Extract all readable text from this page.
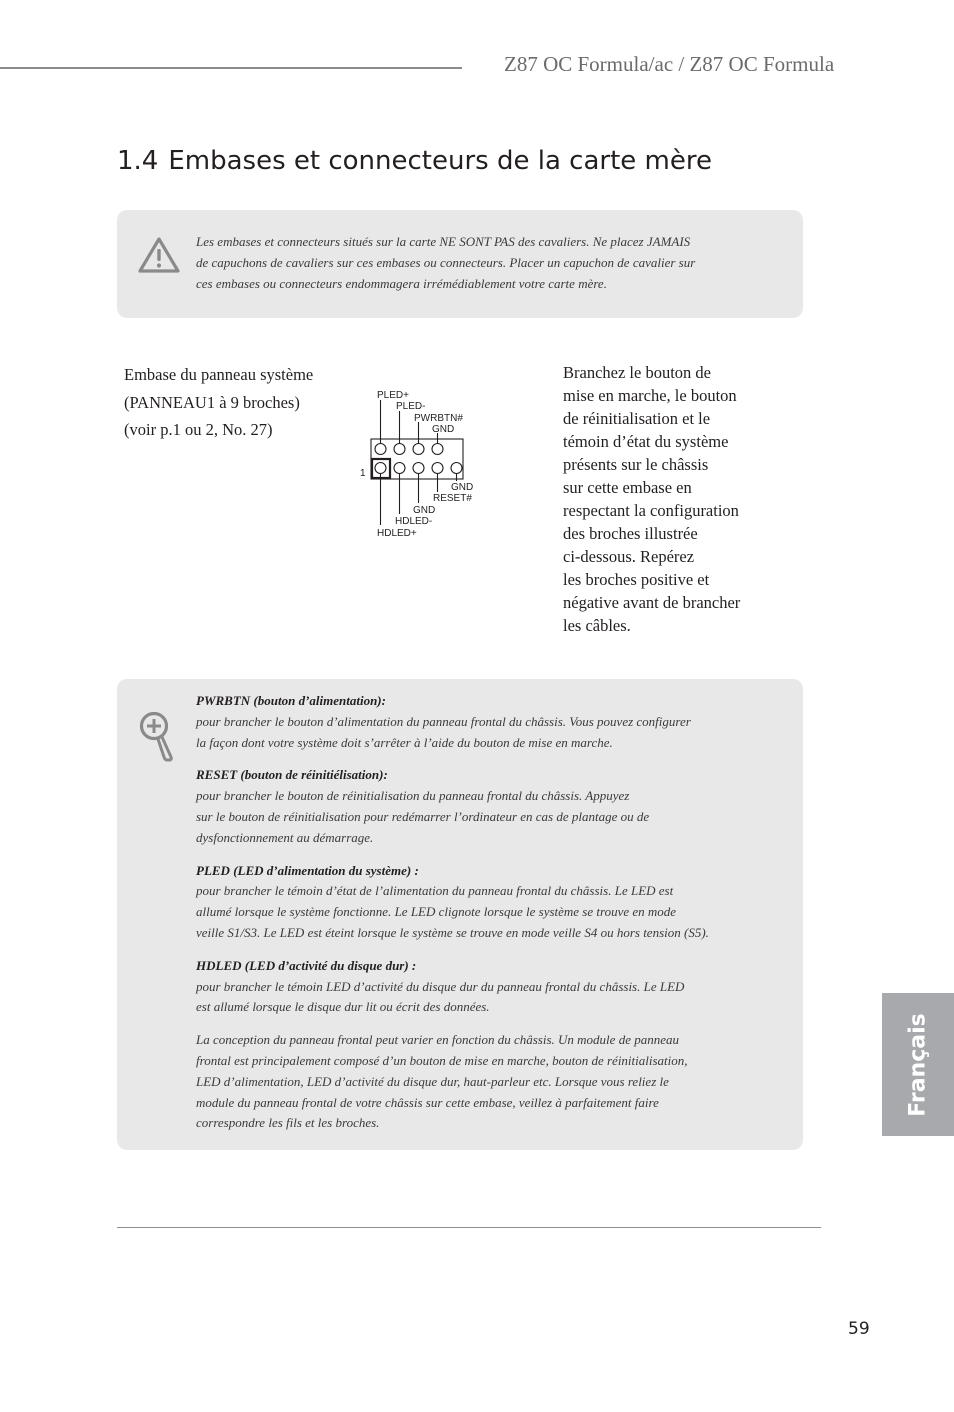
Z87 OC Formula/ac / Z87 OC Formula
1.4 Embases et connecteurs de la carte mère
Les embases et connecteurs situés sur la carte NE SONT PAS des cavaliers. Ne placez JAMAIS
de capuchons de cavaliers sur ces embases ou connecteurs. Placer un capuchon de cavalier sur
ces embases ou connecteurs endommagera irrémédiablement votre carte mère.
Embase du panneau système
(PANNEAU1 à 9 broches)
(voir p.1 ou 2, No. 27)
PLED+
PLED-
PWRBTN#
GND
1
GND
RESET#
GND
HDLED-
HDLED+
Branchez le bouton de
mise en marche, le bouton
de réinitialisation et le
témoin d’état du système
présents sur le châssis
sur cette embase en
respectant la configuration
des broches illustrée
ci-dessous. Repérez
les broches positive et
négative avant de brancher
les câbles.
PWRBTN (bouton d’alimentation):
pour brancher le bouton d’alimentation du panneau frontal du châssis. Vous pouvez configurer
la façon dont votre système doit s’arrêter à l’aide du bouton de mise en marche.
RESET (bouton de réinitiélisation):
pour brancher le bouton de réinitialisation du panneau frontal du châssis. Appuyez
sur le bouton de réinitialisation pour redémarrer l’ordinateur en cas de plantage ou de
dysfonctionnement au démarrage.
PLED (LED d’alimentation du système) :
pour brancher le témoin d’état de l’alimentation du panneau frontal du châssis. Le LED est
allumé lorsque le système fonctionne. Le LED clignote lorsque le système se trouve en mode
veille S1/S3. Le LED est éteint lorsque le système se trouve en mode veille S4 ou hors tension (S5).
HDLED (LED d’activité du disque dur) :
pour brancher le témoin LED d’activité du disque dur du panneau frontal du châssis. Le LED
est allumé lorsque le disque dur lit ou écrit des données.
La conception du panneau frontal peut varier en fonction du châssis. Un module de panneau
frontal est principalement composé d’un bouton de mise en marche, bouton de réinitialisation,
LED d’alimentation, LED d’activité du disque dur, haut-parleur etc. Lorsque vous reliez le
module du panneau frontal de votre châssis sur cette embase, veillez à parfaitement faire
correspondre les fils et les broches.
59
Français
